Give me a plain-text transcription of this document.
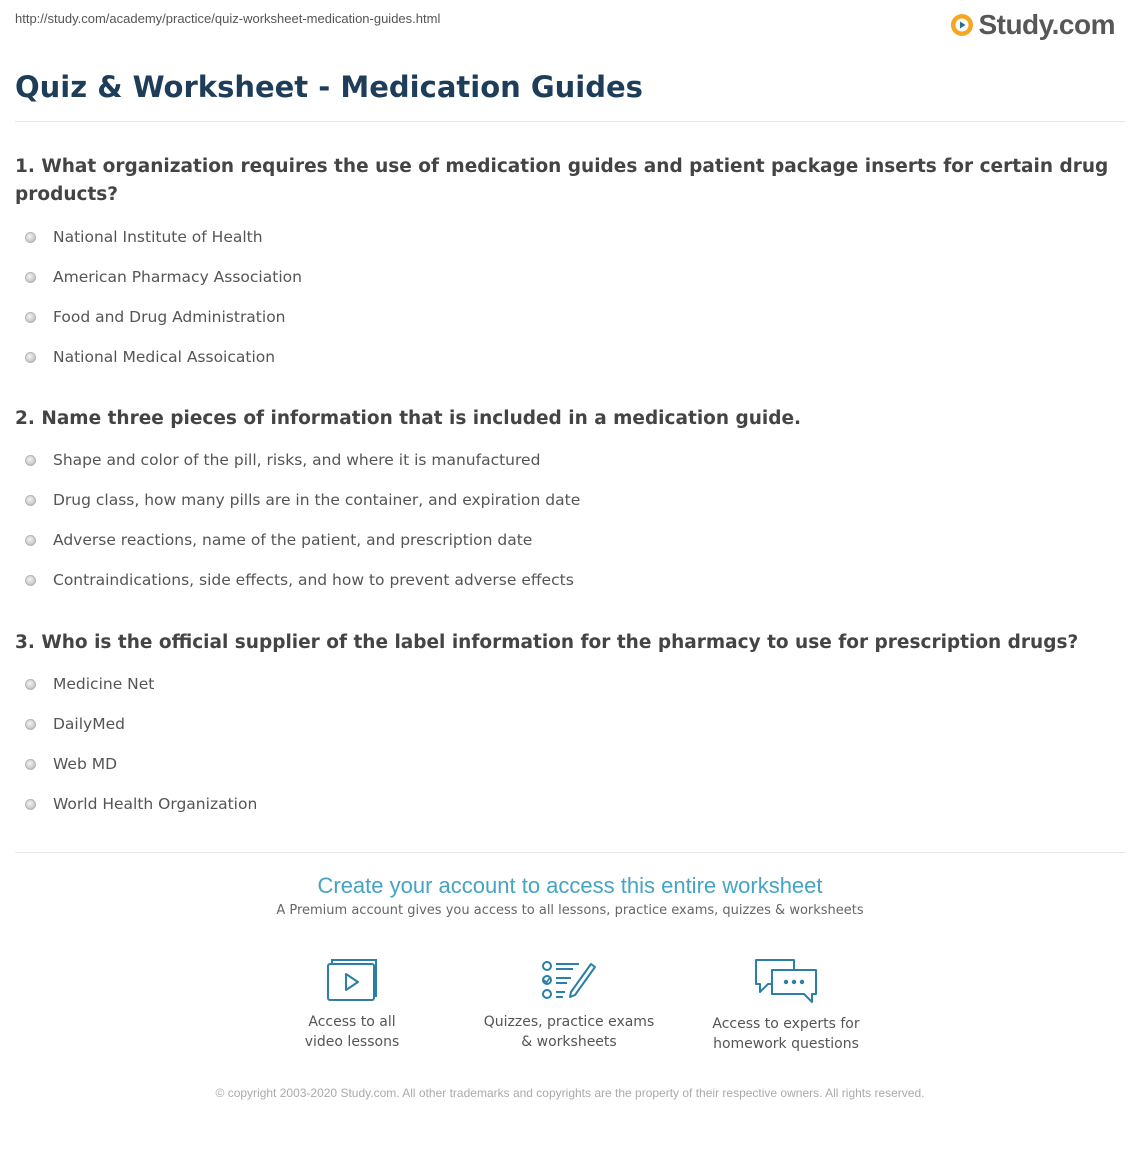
http://study.com/academy/practice/quiz-worksheet-medication-guides.html	Study.com
Quiz & Worksheet - Medication Guides

1. What organization requires the use of medication guides and patient package inserts for certain drug products?

National Institute of Health
American Pharmacy Association
Food and Drug Administration
National Medical Assoication

2. Name three pieces of information that is included in a medication guide.

Shape and color of the pill, risks, and where it is manufactured
Drug class, how many pills are in the container, and expiration date
Adverse reactions, name of the patient, and prescription date
Contraindications, side effects, and how to prevent adverse effects

3. Who is the official supplier of the label information for the pharmacy to use for prescription drugs?

Medicine Net
DailyMed
Web MD
World Health Organization

Create your account to access this entire worksheet

A Premium account gives you access to all lessons, practice exams, quizzes & worksheets
Access to all
video lessons
Quizzes, practice exams
& worksheets
Access to experts for
homework questions
© copyright 2003-2020 Study.com. All other trademarks and copyrights are the property of their respective owners. All rights reserved.
